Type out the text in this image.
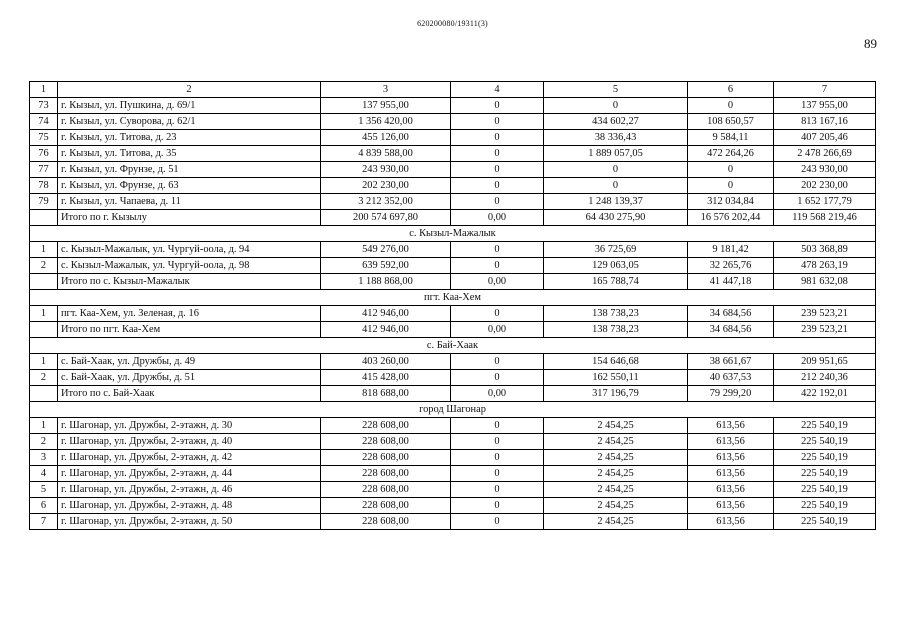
620200080/19311(3)
89
1	2	3	4	5	6	7
73	г. Кызыл, ул. Пушкина, д. 69/1	137 955,00	0	0	0	137 955,00
74	г. Кызыл, ул. Суворова, д. 62/1	1 356 420,00	0	434 602,27	108 650,57	813 167,16
75	г. Кызыл, ул. Титова, д. 23	455 126,00	0	38 336,43	9 584,11	407 205,46
76	г. Кызыл, ул. Титова, д. 35	4 839 588,00	0	1 889 057,05	472 264,26	2 478 266,69
77	г. Кызыл, ул. Фрунзе, д. 51	243 930,00	0	0	0	243 930,00
78	г. Кызыл, ул. Фрунзе, д. 63	202 230,00	0	0	0	202 230,00
79	г. Кызыл, ул. Чапаева, д. 11	3 212 352,00	0	1 248 139,37	312 034,84	1 652 177,79
	Итого по г. Кызылу	200 574 697,80	0,00	64 430 275,90	16 576 202,44	119 568 219,46
с. Кызыл-Мажалык						
1	с. Кызыл-Мажалык, ул. Чургуй-оола, д. 94	549 276,00	0	36 725,69	9 181,42	503 368,89
2	с. Кызыл-Мажалык, ул. Чургуй-оола, д. 98	639 592,00	0	129 063,05	32 265,76	478 263,19
	Итого по с. Кызыл-Мажалык	1 188 868,00	0,00	165 788,74	41 447,18	981 632,08
пгт. Каа-Хем						
1	пгт. Каа-Хем, ул. Зеленая, д. 16	412 946,00	0	138 738,23	34 684,56	239 523,21
	Итого по пгт. Каа-Хем	412 946,00	0,00	138 738,23	34 684,56	239 523,21
с. Бай-Хаак						
1	с. Бай-Хаак, ул. Дружбы, д. 49	403 260,00	0	154 646,68	38 661,67	209 951,65
2	с. Бай-Хаак, ул. Дружбы, д. 51	415 428,00	0	162 550,11	40 637,53	212 240,36
	Итого по с. Бай-Хаак	818 688,00	0,00	317 196,79	79 299,20	422 192,01
город Шагонар						
1	г. Шагонар, ул. Дружбы, 2-этажн, д. 30	228 608,00	0	2 454,25	613,56	225 540,19
2	г. Шагонар, ул. Дружбы, 2-этажн, д. 40	228 608,00	0	2 454,25	613,56	225 540,19
3	г. Шагонар, ул. Дружбы, 2-этажн, д. 42	228 608,00	0	2 454,25	613,56	225 540,19
4	г. Шагонар, ул. Дружбы, 2-этажн, д. 44	228 608,00	0	2 454,25	613,56	225 540,19
5	г. Шагонар, ул. Дружбы, 2-этажн, д. 46	228 608,00	0	2 454,25	613,56	225 540,19
6	г. Шагонар, ул. Дружбы, 2-этажн, д. 48	228 608,00	0	2 454,25	613,56	225 540,19
7	г. Шагонар, ул. Дружбы, 2-этажн, д. 50	228 608,00	0	2 454,25	613,56	225 540,19
